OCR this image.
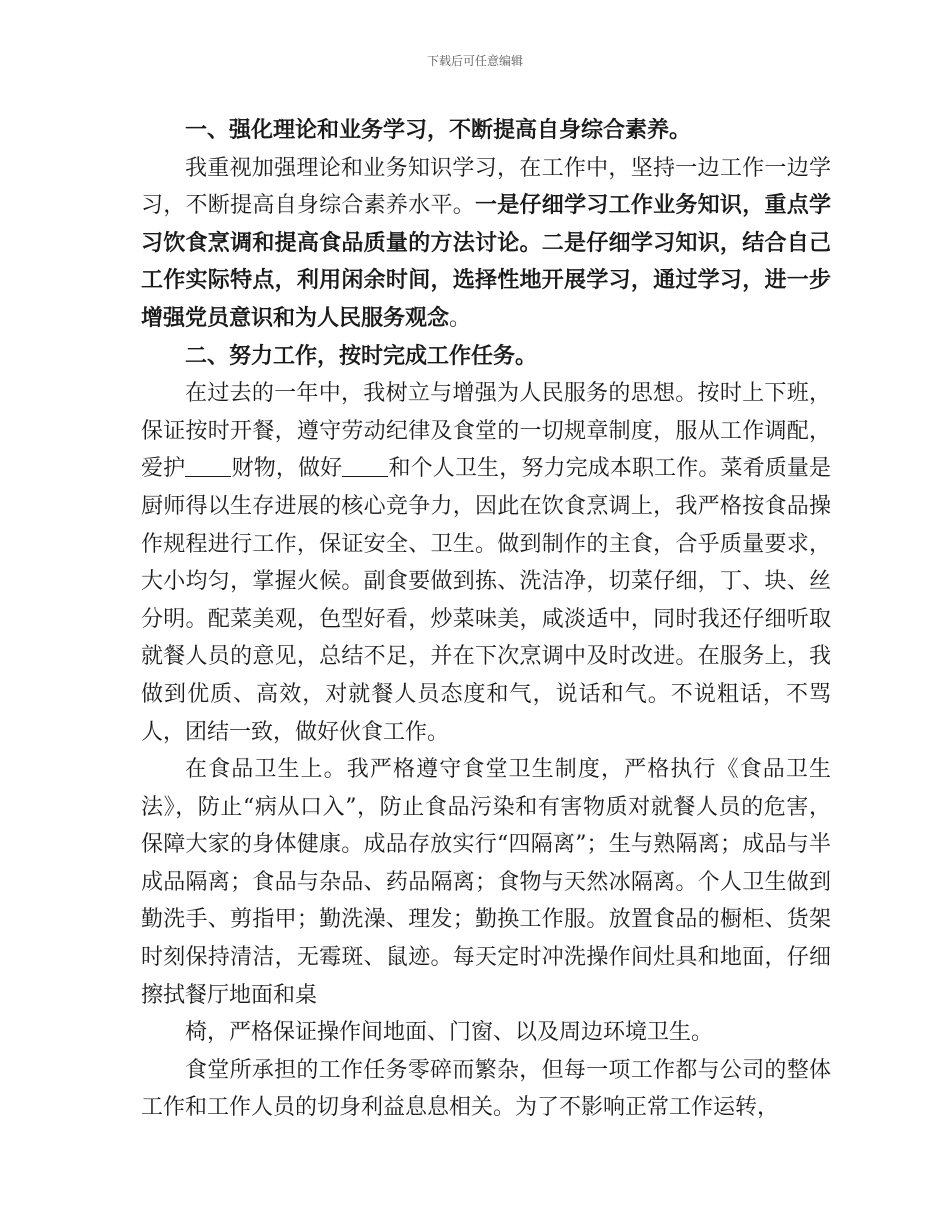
下载后可任意编辑

一、强化理论和业务学习，不断提高自身综合素养。

我重视加强理论和业务知识学习，在工作中，坚持一边工作一边学习，不断提高自身综合素养水平。一是仔细学习工作业务知识，重点学习饮食烹调和提高食品质量的方法讨论。二是仔细学习知识，结合自己工作实际特点，利用闲余时间，选择性地开展学习，通过学习，进一步增强党员意识和为人民服务观念。

二、努力工作，按时完成工作任务。

在过去的一年中，我树立与增强为人民服务的思想。按时上下班，保证按时开餐，遵守劳动纪律及食堂的一切规章制度，服从工作调配，爱护 财物，做好 和个人卫生，努力完成本职工作。菜肴质量是厨师得以生存进展的核心竞争力，因此在饮食烹调上，我严格按食品操作规程进行工作，保证安全、卫生。做到制作的主食，合乎质量要求，大小均匀，掌握火候。副食要做到拣、洗洁净，切菜仔细，丁、块、丝分明。配菜美观，色型好看，炒菜味美，咸淡适中，同时我还仔细听取就餐人员的意见，总结不足，并在下次烹调中及时改进。在服务上，我做到优质、高效，对就餐人员态度和气，说话和气。不说粗话，不骂人，团结一致，做好伙食工作。

在食品卫生上。我严格遵守食堂卫生制度，严格执行《食品卫生法》，防止“病从口入”，防止食品污染和有害物质对就餐人员的危害，保障大家的身体健康。成品存放实行“四隔离”；生与熟隔离；成品与半成品隔离；食品与杂品、药品隔离；食物与天然冰隔离。个人卫生做到勤洗手、剪指甲；勤洗澡、理发；勤换工作服。放置食品的橱柜、货架时刻保持清洁，无霉斑、鼠迹。每天定时冲洗操作间灶具和地面，仔细擦拭餐厅地面和桌

椅，严格保证操作间地面、门窗、以及周边环境卫生。

食堂所承担的工作任务零碎而繁杂，但每一项工作都与公司的整体工作和工作人员的切身利益息息相关。为了不影响正常工作运转，
